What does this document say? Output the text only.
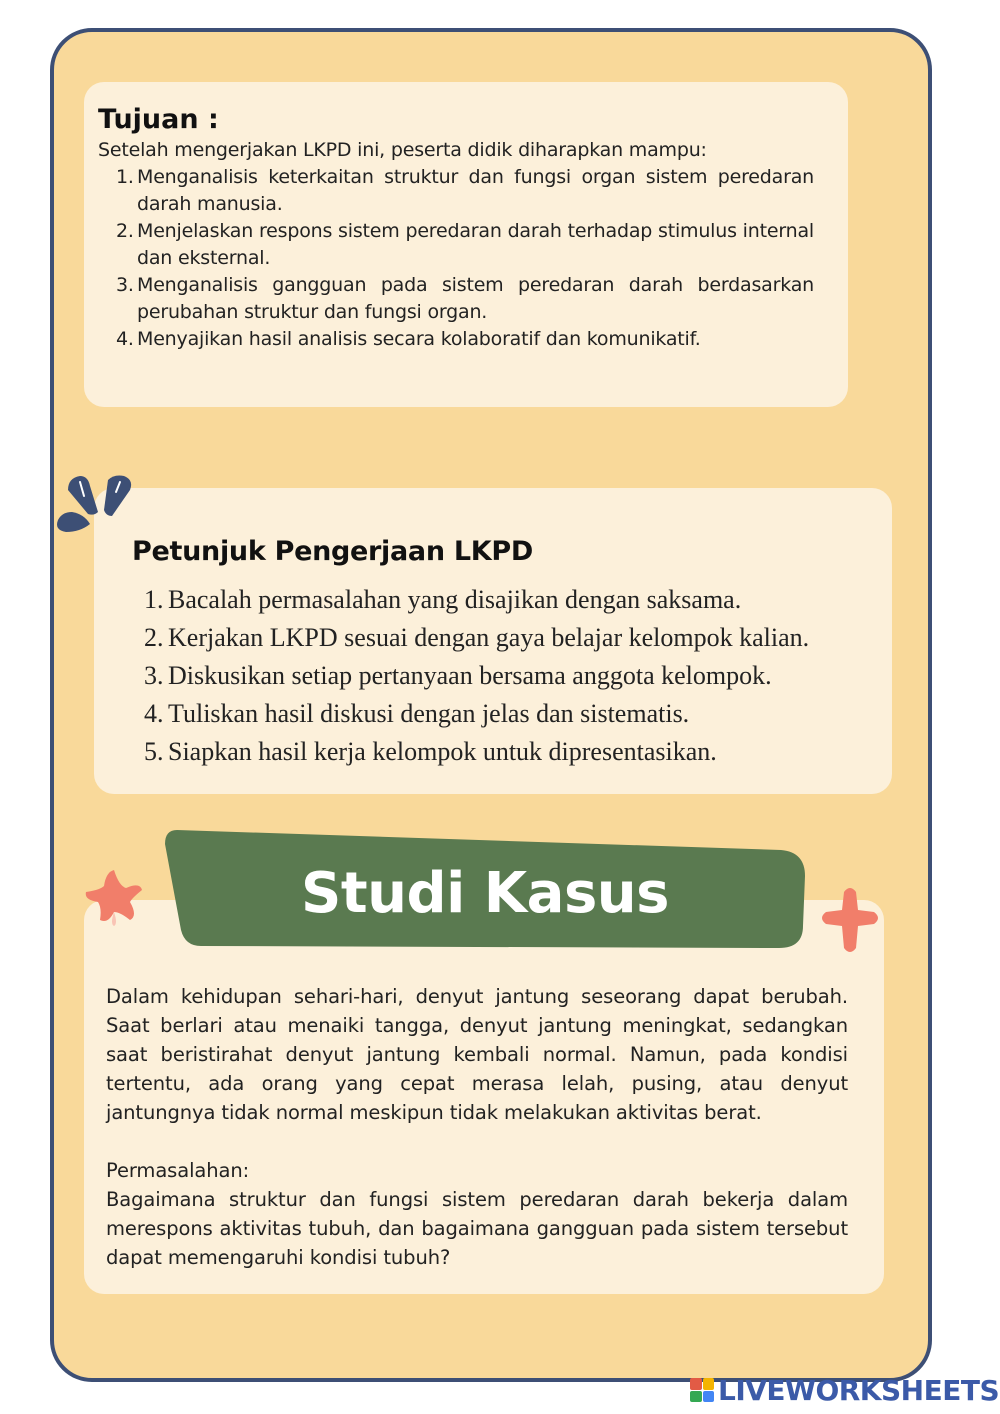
Tujuan :

Setelah mengerjakan LKPD ini, peserta didik diharapkan mampu:

1. Menganalisis keterkaitan struktur dan fungsi organ sistem peredaran darah manusia.
2. Menjelaskan respons sistem peredaran darah terhadap stimulus internal dan eksternal.
3. Menganalisis gangguan pada sistem peredaran darah berdasarkan perubahan struktur dan fungsi organ.
4. Menyajikan hasil analisis secara kolaboratif dan komunikatif.
Petunjuk Pengerjaan LKPD
1. Bacalah permasalahan yang disajikan dengan saksama.
2. Kerjakan LKPD sesuai dengan gaya belajar kelompok kalian.
3. Diskusikan setiap pertanyaan bersama anggota kelompok.
4. Tuliskan hasil diskusi dengan jelas dan sistematis.
5. Siapkan hasil kerja kelompok untuk dipresentasikan.

Dalam kehidupan sehari-hari, denyut jantung seseorang dapat berubah. Saat berlari atau menaiki tangga, denyut jantung meningkat, sedangkan saat beristirahat denyut jantung kembali normal. Namun, pada kondisi tertentu, ada orang yang cepat merasa lelah, pusing, atau denyut jantungnya tidak normal meskipun tidak melakukan aktivitas berat.

Permasalahan:

Bagaimana struktur dan fungsi sistem peredaran darah bekerja dalam merespons aktivitas tubuh, dan bagaimana gangguan pada sistem tersebut dapat memengaruhi kondisi tubuh?

Studi Kasus
LIVEWORKSHEETS
